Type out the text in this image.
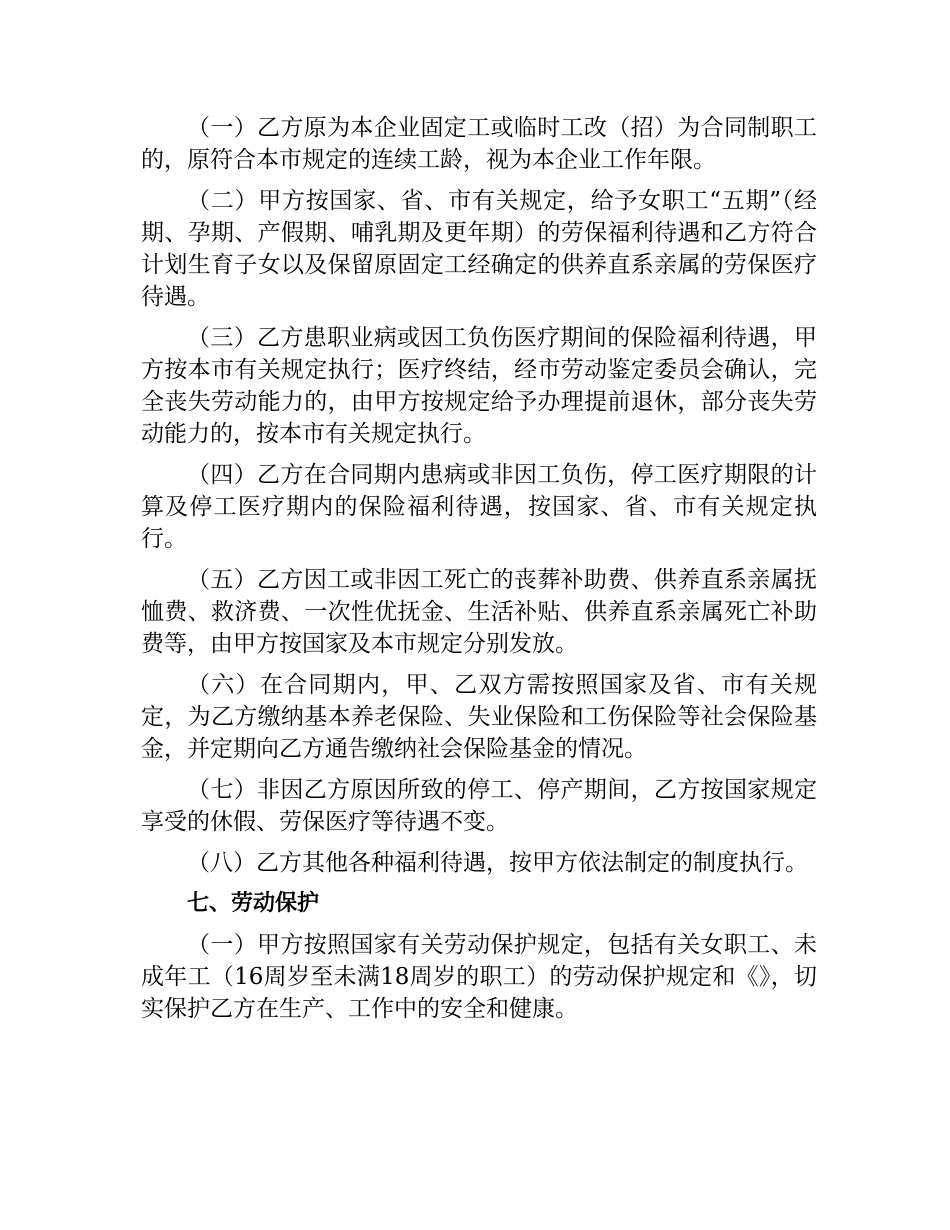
（一）乙方原为本企业固定工或临时工改（招）为合同制职工的，原符合本市规定的连续工龄，视为本企业工作年限。

（二）甲方按国家、省、市有关规定，给予女职工“五期”（经期、孕期、产假期、哺乳期及更年期）的劳保福利待遇和乙方符合计划生育子女以及保留原固定工经确定的供养直系亲属的劳保医疗待遇。

（三）乙方患职业病或因工负伤医疗期间的保险福利待遇，甲方按本市有关规定执行；医疗终结，经市劳动鉴定委员会确认，完全丧失劳动能力的，由甲方按规定给予办理提前退休，部分丧失劳动能力的，按本市有关规定执行。

（四）乙方在合同期内患病或非因工负伤，停工医疗期限的计算及停工医疗期内的保险福利待遇，按国家、省、市有关规定执行。

（五）乙方因工或非因工死亡的丧葬补助费、供养直系亲属抚恤费、救济费、一次性优抚金、生活补贴、供养直系亲属死亡补助费等，由甲方按国家及本市规定分别发放。

（六）在合同期内，甲、乙双方需按照国家及省、市有关规定，为乙方缴纳基本养老保险、失业保险和工伤保险等社会保险基金，并定期向乙方通告缴纳社会保险基金的情况。

（七）非因乙方原因所致的停工、停产期间，乙方按国家规定享受的休假、劳保医疗等待遇不变。

（八）乙方其他各种福利待遇，按甲方依法制定的制度执行。

七、劳动保护

（一）甲方按照国家有关劳动保护规定，包括有关女职工、未成年工（16周岁至未满18周岁的职工）的劳动保护规定和《》，切实保护乙方在生产、工作中的安全和健康。
